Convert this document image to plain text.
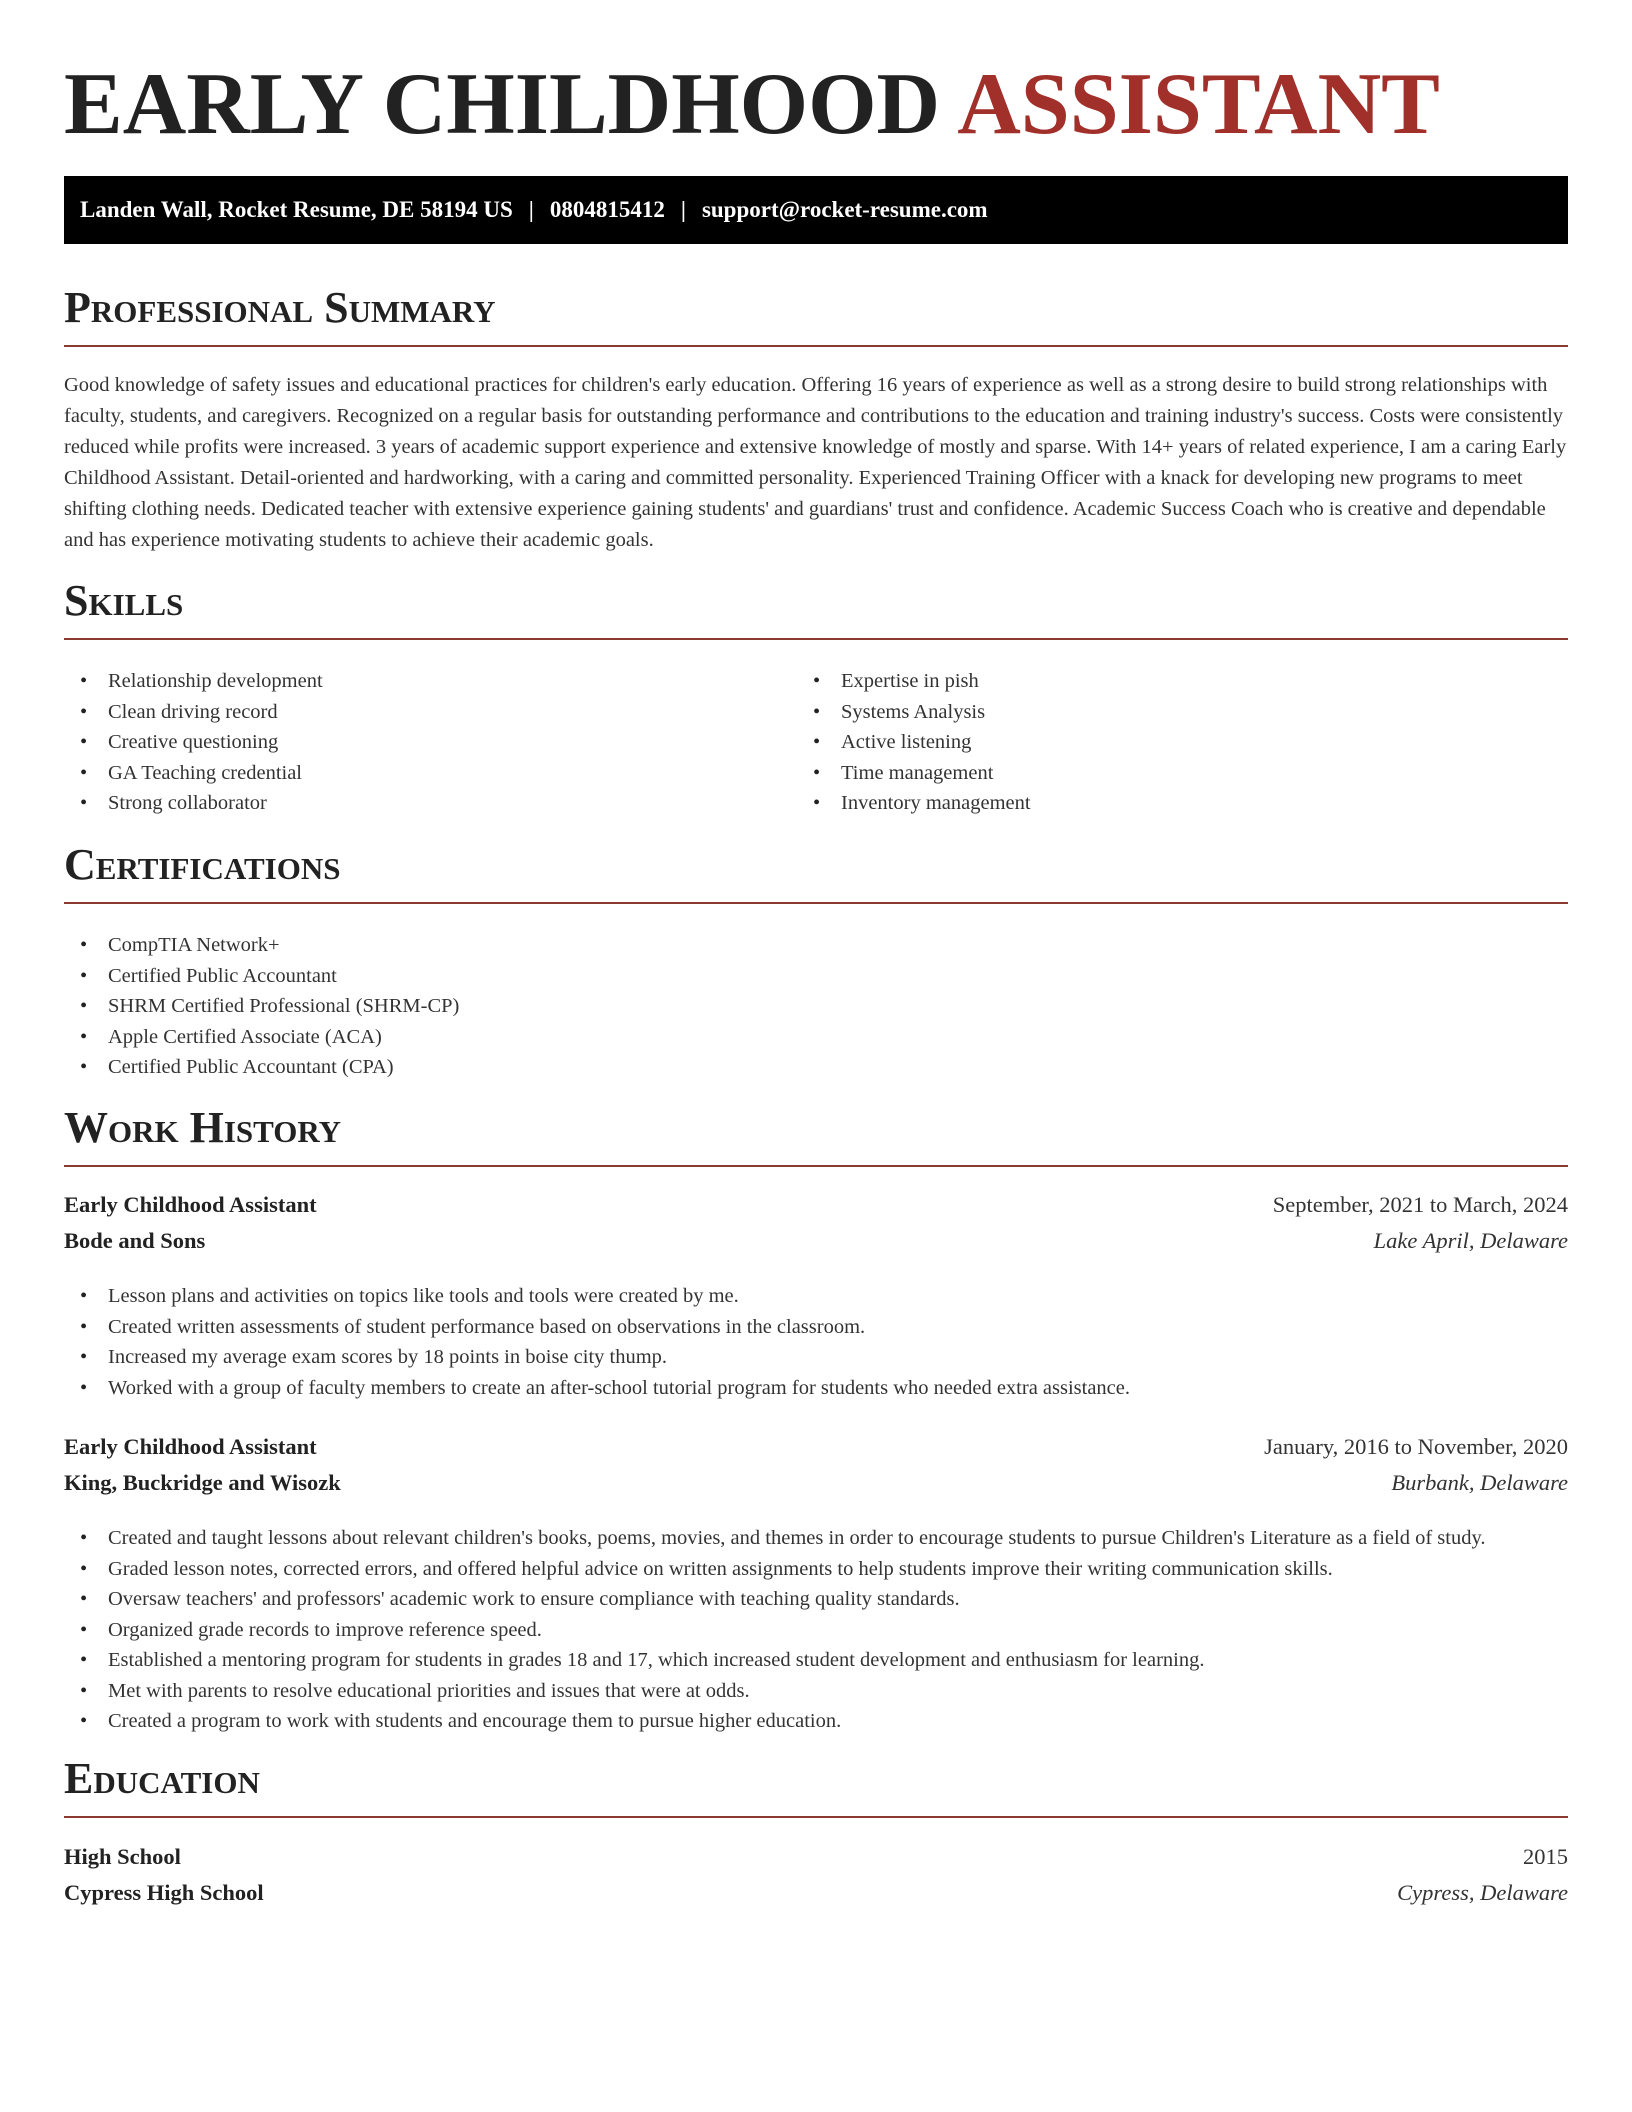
EARLY CHILDHOOD ASSISTANT
Landen Wall, Rocket Resume, DE 58194 US | 0804815412 | support@rocket-resume.com
Professional Summary

Good knowledge of safety issues and educational practices for children's early education. Offering 16 years of experience as well as a strong desire to build strong relationships with faculty, students, and caregivers. Recognized on a regular basis for outstanding performance and contributions to the education and training industry's success. Costs were consistently reduced while profits were increased. 3 years of academic support experience and extensive knowledge of mostly and sparse. With 14+ years of related experience, I am a caring Early Childhood Assistant. Detail-oriented and hardworking, with a caring and committed personality. Experienced Training Officer with a knack for developing new programs to meet shifting clothing needs. Dedicated teacher with extensive experience gaining students' and guardians' trust and confidence. Academic Success Coach who is creative and dependable and has experience motivating students to achieve their academic goals.

Skills
• Relationship development
• Clean driving record
• Creative questioning
• GA Teaching credential
• Strong collaborator
• Expertise in pish
• Systems Analysis
• Active listening
• Time management
• Inventory management
Certifications
• CompTIA Network+
• Certified Public Accountant
• SHRM Certified Professional (SHRM-CP)
• Apple Certified Associate (ACA)
• Certified Public Accountant (CPA)
Work History
Early Childhood Assistant	September, 2021 to March, 2024
Bode and Sons	Lake April, Delaware
• Lesson plans and activities on topics like tools and tools were created by me.
• Created written assessments of student performance based on observations in the classroom.
• Increased my average exam scores by 18 points in boise city thump.
• Worked with a group of faculty members to create an after-school tutorial program for students who needed extra assistance.
Early Childhood Assistant	January, 2016 to November, 2020
King, Buckridge and Wisozk	Burbank, Delaware
• Created and taught lessons about relevant children's books, poems, movies, and themes in order to encourage students to pursue Children's Literature as a field of study.
• Graded lesson notes, corrected errors, and offered helpful advice on written assignments to help students improve their writing communication skills.
• Oversaw teachers' and professors' academic work to ensure compliance with teaching quality standards.
• Organized grade records to improve reference speed.
• Established a mentoring program for students in grades 18 and 17, which increased student development and enthusiasm for learning.
• Met with parents to resolve educational priorities and issues that were at odds.
• Created a program to work with students and encourage them to pursue higher education.
Education
High School	2015
Cypress High School	Cypress, Delaware
